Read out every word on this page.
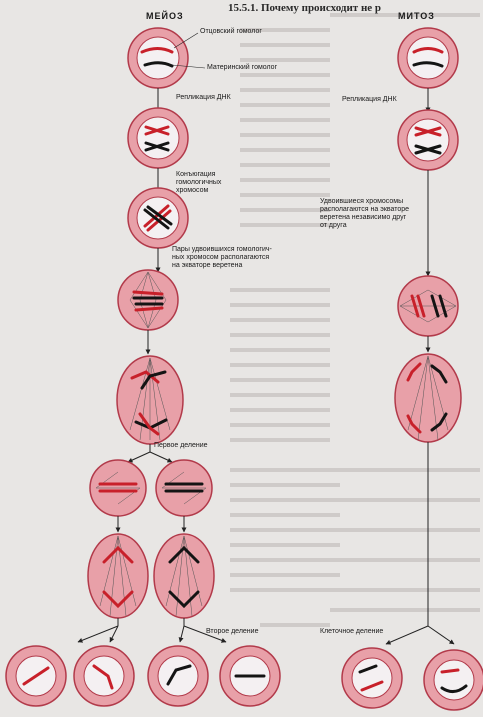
15.5.1. Почему происходит не р
МЕЙОЗ	МИТОЗ
Отцовский гомолог
Материнский гомолог
Репликация ДНК
Конъюгация
гомологичных
хромосом
Пары удвоившихся гомологич-
ных хромосом располагаются
на экваторе веретена
Первое деление
Второе деление
Репликация ДНК
Удвоившиеся хромосомы
располагаются на экваторе
веретена независимо друг
от друга
Клеточное деление
